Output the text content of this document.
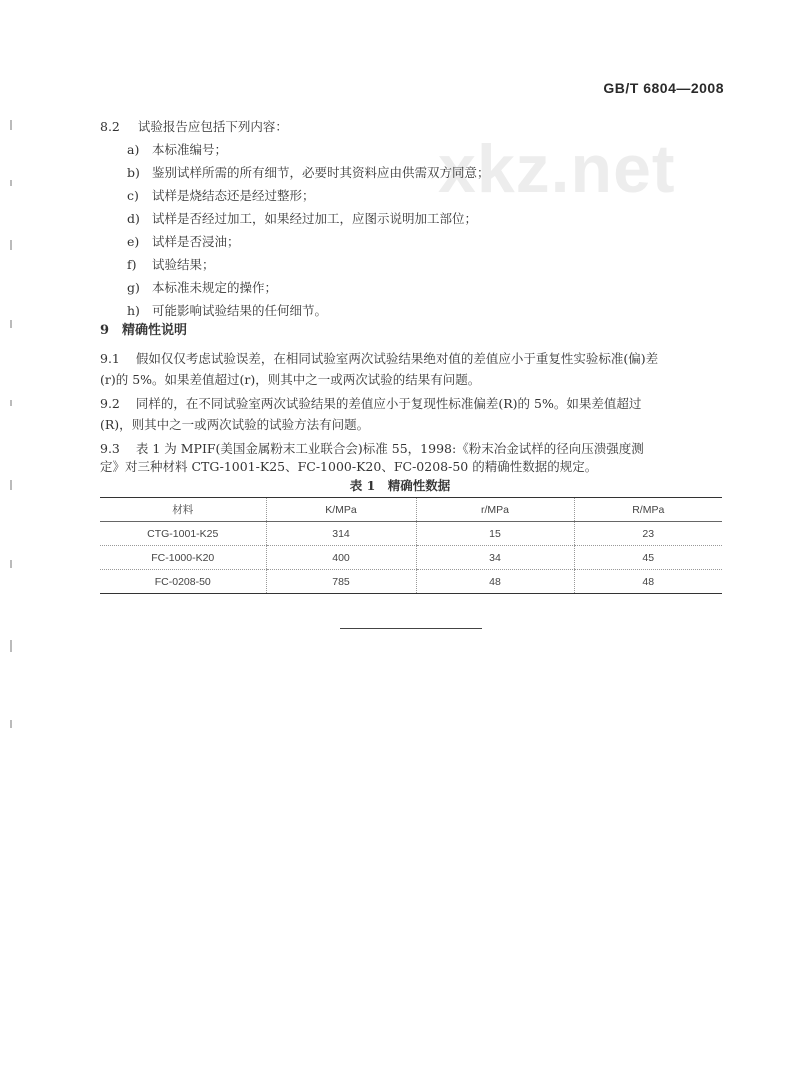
xkz.net
GB/T 6804—2008
8.2 试验报告应包括下列内容：
a) 本标准编号；
b) 鉴别试样所需的所有细节，必要时其资料应由供需双方同意；
c) 试样是烧结态还是经过整形；
d) 试样是否经过加工，如果经过加工，应图示说明加工部位；
e) 试样是否浸油；
f) 试验结果；
g) 本标准未规定的操作；
h) 可能影响试验结果的任何细节。
9　精确性说明
9.1 假如仅仅考虑试验误差，在相同试验室两次试验结果绝对值的差值应小于重复性实验标准(偏)差
(r)的 5%。如果差值超过(r)，则其中之一或两次试验的结果有问题。
9.2 同样的，在不同试验室两次试验结果的差值应小于复现性标准偏差(R)的 5%。如果差值超过
(R)，则其中之一或两次试验的试验方法有问题。
9.3 表 1 为 MPIF(美国金属粉末工业联合会)标准 55，1998:《粉末冶金试样的径向压溃强度测
定》对三种材料 CTG-1001-K25、FC-1000-K20、FC-0208-50 的精确性数据的规定。
表 1　精确性数据
材料	K/MPa	r/MPa	R/MPa
CTG-1001-K25	314	15	23
FC-1000-K20	400	34	45
FC-0208-50	785	48	48
